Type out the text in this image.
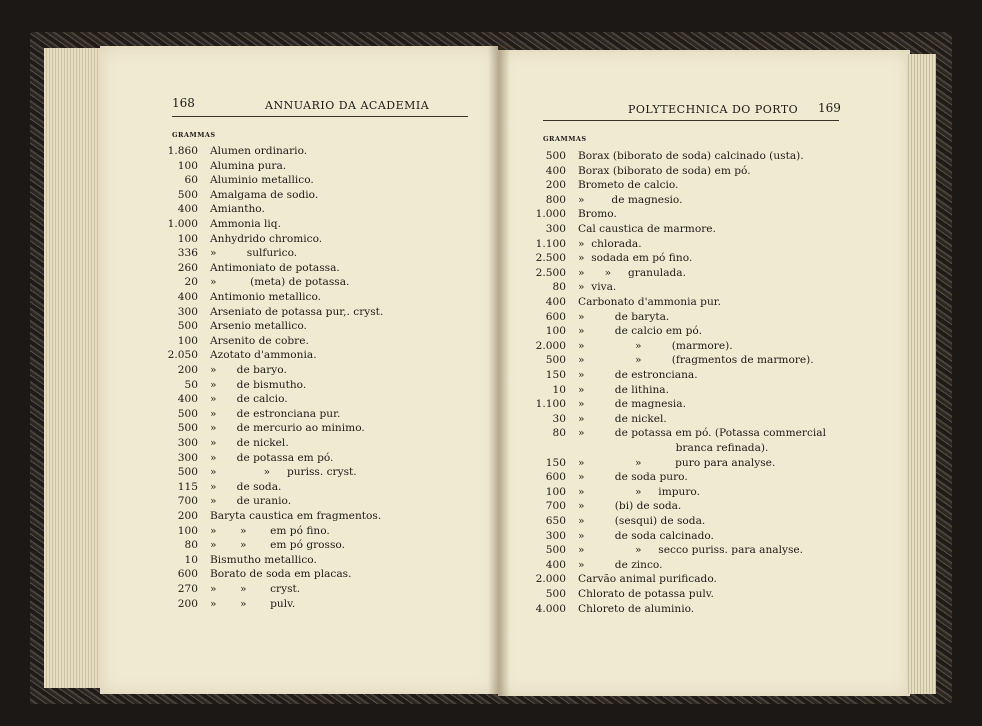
168	ANNUARIO DA ACADEMIA
GRAMMAS
1.860 Alumen ordinario.
100 Alumina pura.
60 Aluminio metallico.
500 Amalgama de sodio.
400 Amiantho.
1.000 Ammonia liq.
100 Anhydrido chromico.
336 »         sulfurico.
260 Antimoniato de potassa.
20 »          (meta) de potassa.
400 Antimonio metallico.
300 Arseniato de potassa pur,. cryst.
500 Arsenio metallico.
100 Arsenito de cobre.
2.050 Azotato d'ammonia.
200 »      de baryo.
50 »      de bismutho.
400 »      de calcio.
500 »      de estronciana pur.
500 »      de mercurio ao minimo.
300 »      de nickel.
300 »      de potassa em pó.
500 »              »     puriss. cryst.
115 »      de soda.
700 »      de uranio.
200 Baryta caustica em fragmentos.
100 »       »       em pó fino.
80 »       »       em pó grosso.
10 Bismutho metallico.
600 Borato de soda em placas.
270 »       »       cryst.
200 »       »       pulv.
POLYTECHNICA DO PORTO 169
GRAMMAS
500 Borax (biborato de soda) calcinado (usta).
400 Borax (biborato de soda) em pó.
200 Brometo de calcio.
800 »        de magnesio.
1.000 Bromo.
300 Cal caustica de marmore.
1.100 »  chlorada.
2.500 »  sodada em pó fino.
2.500 »      »     granulada.
80 »  viva.
400 Carbonato d'ammonia pur.
600 »         de baryta.
100 »         de calcio em pó.
2.000 »               »         (marmore).
500 »               »         (fragmentos de marmore).
150 »         de estronciana.
10 »         de lithina.
1.100 »         de magnesia.
30 »         de nickel.
80 »         de potassa em pó. (Potassa commercial
branca refinada).
150 »               »          puro para analyse.
600 »         de soda puro.
100 »               »     impuro.
700 »         (bi) de soda.
650 »         (sesqui) de soda.
300 »         de soda calcinado.
500 »               »     secco puriss. para analyse.
400 »         de zinco.
2.000 Carvão animal purificado.
500 Chlorato de potassa pulv.
4.000 Chloreto de aluminio.
